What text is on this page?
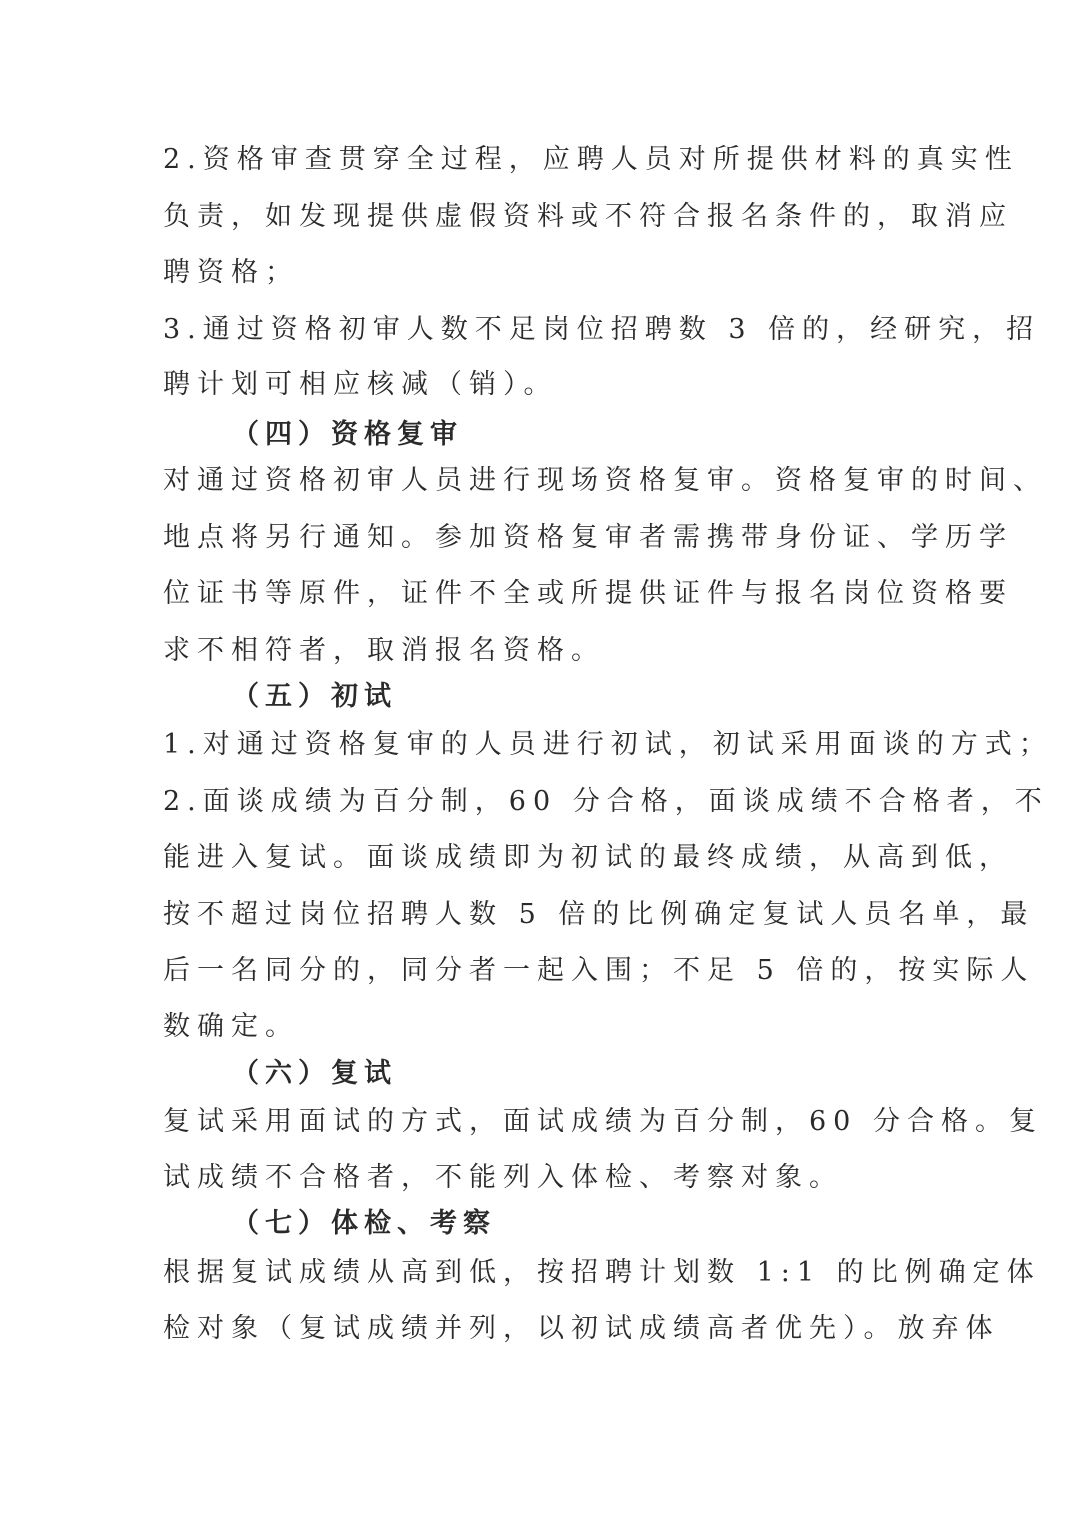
2.资格审查贯穿全过程，应聘人员对所提供材料的真实性
负责，如发现提供虚假资料或不符合报名条件的，取消应
聘资格；
3.通过资格初审人数不足岗位招聘数 3 倍的，经研究，招
聘计划可相应核减（销）。
（四）资格复审
对通过资格初审人员进行现场资格复审。资格复审的时间、
地点将另行通知。参加资格复审者需携带身份证、学历学
位证书等原件，证件不全或所提供证件与报名岗位资格要
求不相符者，取消报名资格。
（五）初试
1.对通过资格复审的人员进行初试，初试采用面谈的方式；
2.面谈成绩为百分制，60 分合格，面谈成绩不合格者，不
能进入复试。面谈成绩即为初试的最终成绩，从高到低，
按不超过岗位招聘人数 5 倍的比例确定复试人员名单，最
后一名同分的，同分者一起入围；不足 5 倍的，按实际人
数确定。
（六）复试
复试采用面试的方式，面试成绩为百分制，60 分合格。复
试成绩不合格者，不能列入体检、考察对象。
（七）体检、考察
根据复试成绩从高到低，按招聘计划数 1:1 的比例确定体
检对象（复试成绩并列，以初试成绩高者优先）。放弃体
